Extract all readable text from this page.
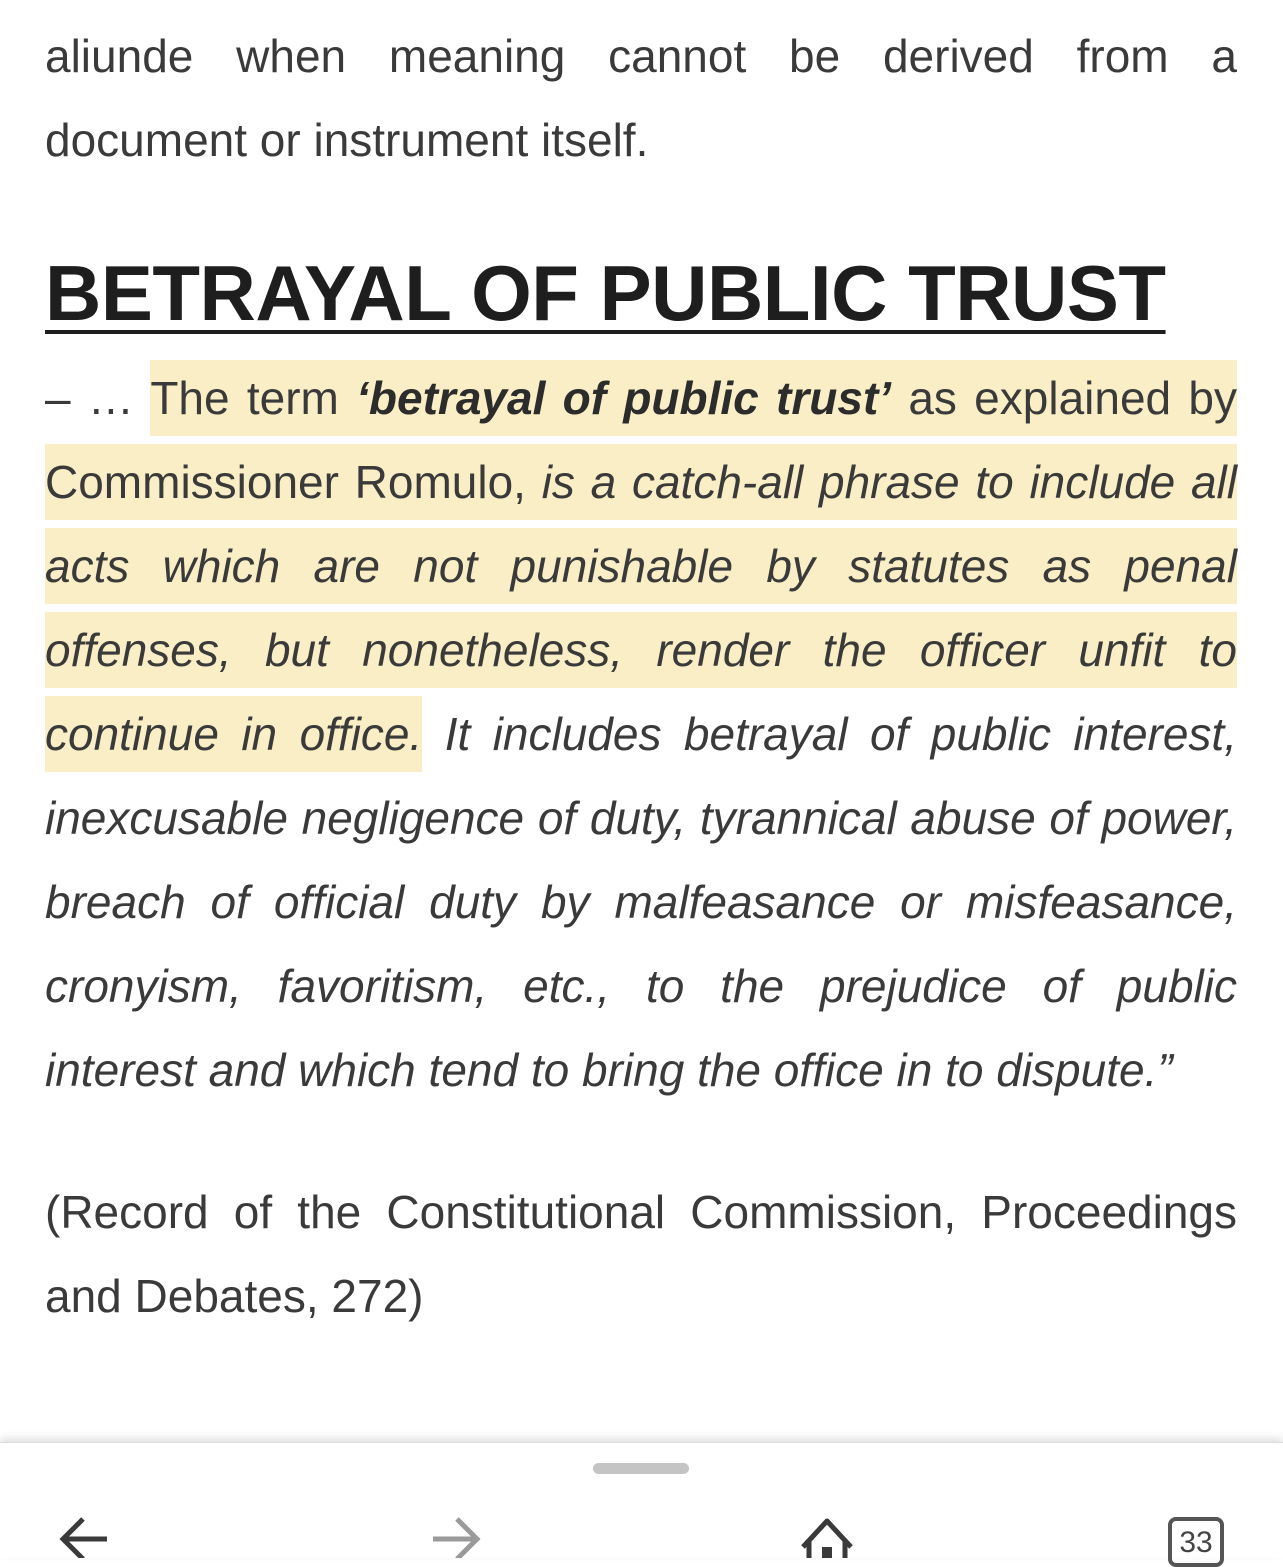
aliunde when meaning cannot be derived from a document or instrument itself.

BETRAYAL OF PUBLIC TRUST

– … The term ‘betrayal of public trust’ as explained by Commissioner Romulo, is a catch-all phrase to include all acts which are not punishable by statutes as penal offenses, but nonetheless, render the officer unfit to continue in office. It includes betrayal of public interest, inexcusable negligence of duty, tyrannical abuse of power, breach of official duty by malfeasance or misfeasance, cronyism, favoritism, etc., to the prejudice of public interest and which tend to bring the office in to dispute.”

(Record of the Constitutional Commission, Proceedings and Debates, 272)

33
